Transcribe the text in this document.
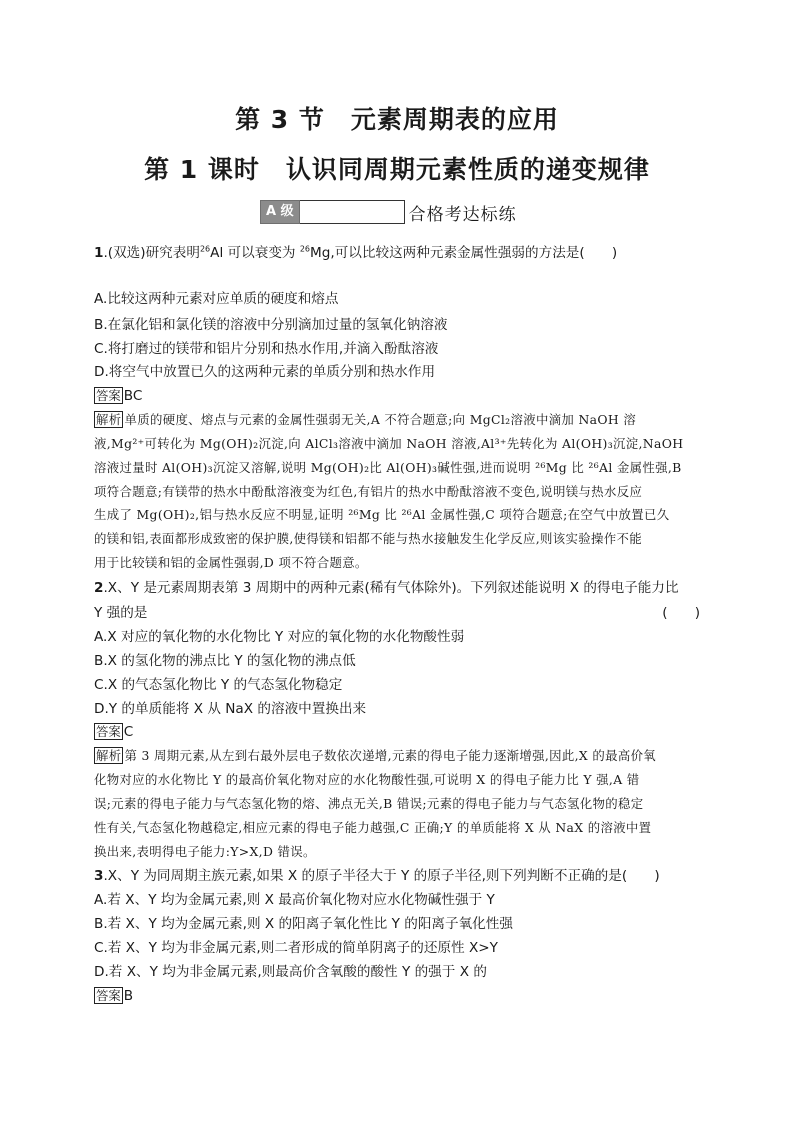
第 3 节 元素周期表的应用
第 1 课时 认识同周期元素性质的递变规律
A 级	合格考达标练
1.(双选)研究表明$^{26}$Al 可以衰变为 $^{26}$Mg,可以比较这两种元素金属性强弱的方法是(　　)
A.比较这两种元素对应单质的硬度和熔点
B.在氯化铝和氯化镁的溶液中分别滴加过量的氢氧化钠溶液
C.将打磨过的镁带和铝片分别和热水作用,并滴入酚酞溶液
D.将空气中放置已久的这两种元素的单质分别和热水作用
答案 BC
解析 单质的硬度、熔点与元素的金属性强弱无关,A 不符合题意;向 MgCl₂溶液中滴加 NaOH 溶
液,Mg²⁺可转化为 Mg(OH)₂沉淀,向 AlCl₃溶液中滴加 NaOH 溶液,Al³⁺先转化为 Al(OH)₃沉淀,NaOH
溶液过量时 Al(OH)₃沉淀又溶解,说明 Mg(OH)₂比 Al(OH)₃碱性强,进而说明 ²⁶Mg 比 ²⁶Al 金属性强,B
项符合题意;有镁带的热水中酚酞溶液变为红色,有铝片的热水中酚酞溶液不变色,说明镁与热水反应
生成了 Mg(OH)₂,铝与热水反应不明显,证明 ²⁶Mg 比 ²⁶Al 金属性强,C 项符合题意;在空气中放置已久
的镁和铝,表面都形成致密的保护膜,使得镁和铝都不能与热水接触发生化学反应,则该实验操作不能
用于比较镁和铝的金属性强弱,D 项不符合题意。
2.X、Y 是元素周期表第 3 周期中的两种元素(稀有气体除外)。下列叙述能说明 X 的得电子能力比
Y 强的是	(　　)
A.X 对应的氧化物的水化物比 Y 对应的氧化物的水化物酸性弱
B.X 的氢化物的沸点比 Y 的氢化物的沸点低
C.X 的气态氢化物比 Y 的气态氢化物稳定
D.Y 的单质能将 X 从 NaX 的溶液中置换出来
答案 C
解析 第 3 周期元素,从左到右最外层电子数依次递增,元素的得电子能力逐渐增强,因此,X 的最高价氧
化物对应的水化物比 Y 的最高价氧化物对应的水化物酸性强,可说明 X 的得电子能力比 Y 强,A 错
误;元素的得电子能力与气态氢化物的熔、沸点无关,B 错误;元素的得电子能力与气态氢化物的稳定
性有关,气态氢化物越稳定,相应元素的得电子能力越强,C 正确;Y 的单质能将 X 从 NaX 的溶液中置
换出来,表明得电子能力:Y>X,D 错误。
3.X、Y 为同周期主族元素,如果 X 的原子半径大于 Y 的原子半径,则下列判断不正确的是(　　)
A.若 X、Y 均为金属元素,则 X 最高价氧化物对应水化物碱性强于 Y
B.若 X、Y 均为金属元素,则 X 的阳离子氧化性比 Y 的阳离子氧化性强
C.若 X、Y 均为非金属元素,则二者形成的简单阴离子的还原性 X>Y
D.若 X、Y 均为非金属元素,则最高价含氧酸的酸性 Y 的强于 X 的
答案 B
